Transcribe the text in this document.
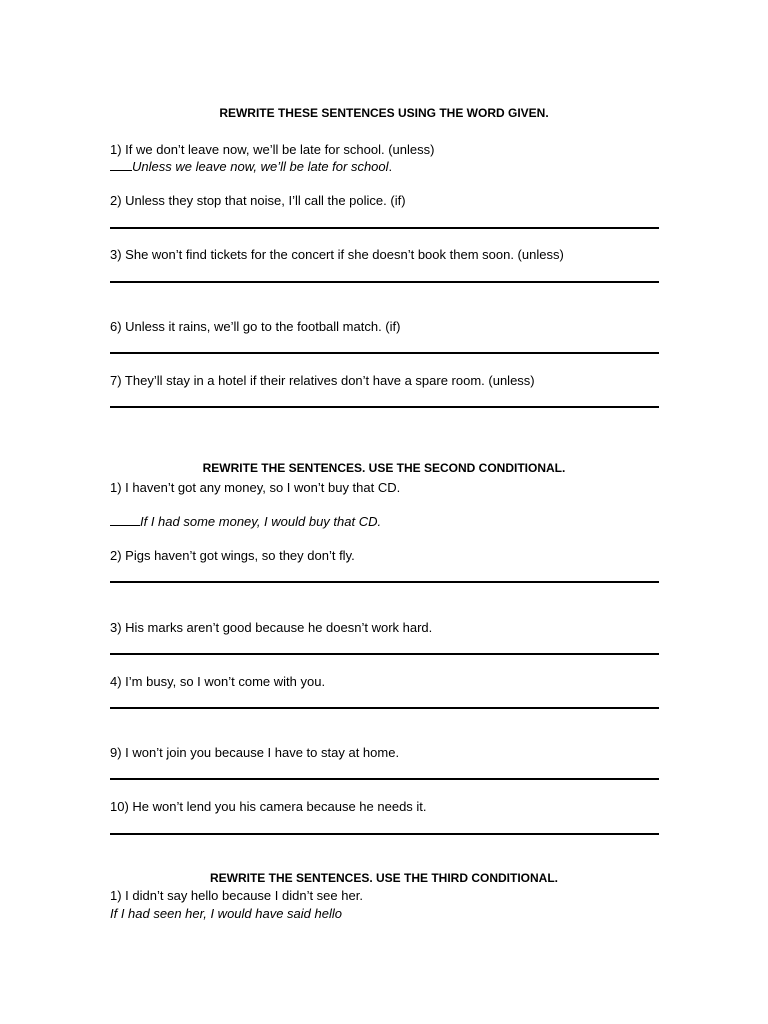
REWRITE THESE SENTENCES USING THE WORD GIVEN.
1) If we don’t leave now, we’ll be late for school. (unless)
Unless we leave now, we’ll be late for school.
2) Unless they stop that noise, I’ll call the police. (if)
3) She won’t find tickets for the concert if she doesn’t book them soon. (unless)
6) Unless it rains, we’ll go to the football match. (if)
7) They’ll stay in a hotel if their relatives don’t have a spare room. (unless)
REWRITE THE SENTENCES. USE THE SECOND CONDITIONAL.
1) I haven’t got any money, so I won’t buy that CD.
If I had some money, I would buy that CD.
2) Pigs haven’t got wings, so they don’t fly.
3) His marks aren’t good because he doesn’t work hard.
4) I’m busy, so I won’t come with you.
9) I won’t join you because I have to stay at home.
10) He won’t lend you his camera because he needs it.
REWRITE THE SENTENCES. USE THE THIRD CONDITIONAL.
1) I didn’t say hello because I didn’t see her.
If I had seen her, I would have said hello
